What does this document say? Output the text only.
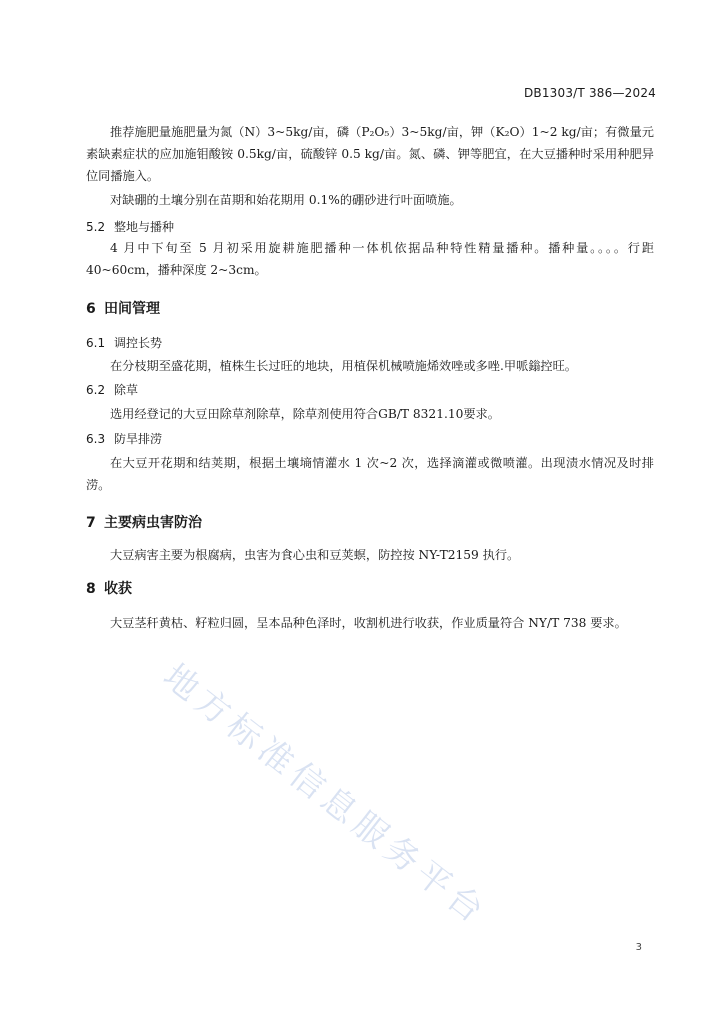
DB1303/T 386—2024

推荐施肥量施肥量为氮（N）3~5kg/亩，磷（P₂O₅）3~5kg/亩，钾（K₂O）1~2 kg/亩；有微量元素缺素症状的应加施钼酸铵 0.5kg/亩，硫酸锌 0.5 kg/亩。氮、磷、钾等肥宜，在大豆播种时采用种肥异位同播施入。

对缺硼的土壤分别在苗期和始花期用 0.1%的硼砂进行叶面喷施。

5.2 整地与播种

4 月中下旬至 5 月初采用旋耕施肥播种一体机依据品种特性精量播种。播种量。。。。行距 40~60cm，播种深度 2~3cm。

6 田间管理
6.1 调控长势

在分枝期至盛花期，植株生长过旺的地块，用植保机械喷施烯效唑或多唑.甲哌鎓控旺。

6.2 除草

选用经登记的大豆田除草剂除草，除草剂使用符合GB/T 8321.10要求。

6.3 防旱排涝

在大豆开花期和结荚期，根据土壤墒情灌水 1 次~2 次，选择滴灌或微喷灌。出现渍水情况及时排涝。

7 主要病虫害防治

大豆病害主要为根腐病，虫害为食心虫和豆荚螟，防控按 NY-T2159 执行。

8 收获

大豆茎秆黄枯、籽粒归圆，呈本品种色泽时，收割机进行收获，作业质量符合 NY/T 738 要求。

地方标准信息服务平台
3
